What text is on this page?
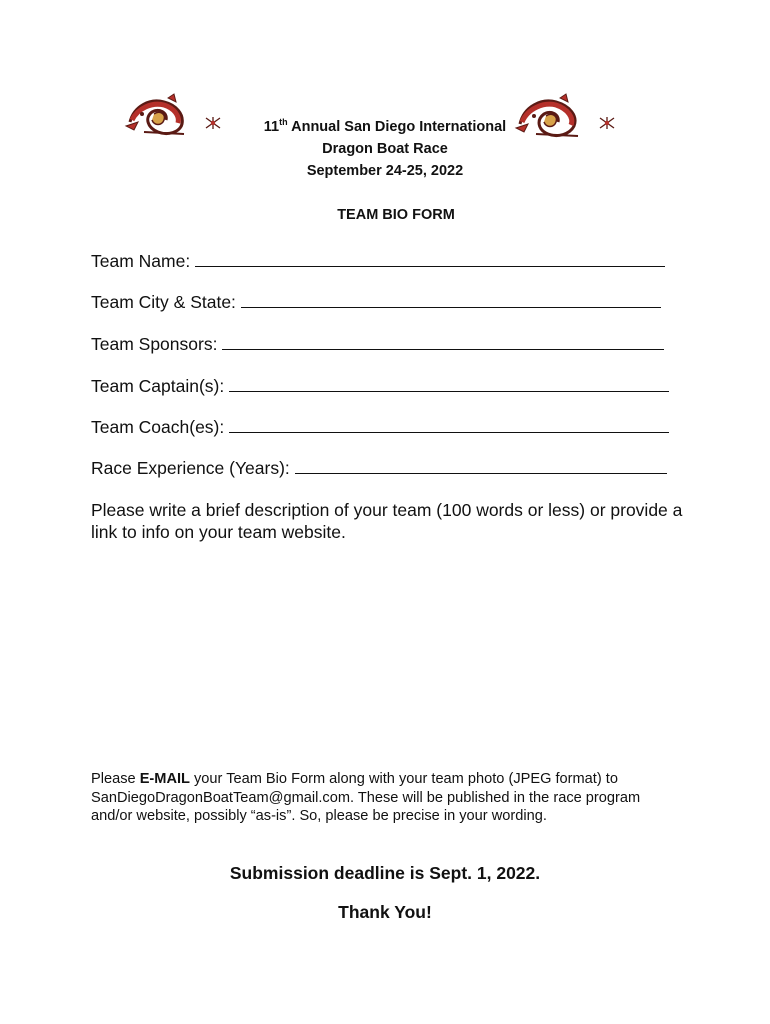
11th Annual San Diego International
Dragon Boat Race
September 24-25, 2022
TEAM BIO FORM
Team Name:
Team City & State:
Team Sponsors:
Team Captain(s):
Team Coach(es):
Race Experience (Years):
Please write a brief description of your team (100 words or less) or provide a link to info on your team website.
Please E-MAIL your Team Bio Form along with your team photo (JPEG format) to SanDiegoDragonBoatTeam@gmail.com. These will be published in the race program and/or website, possibly “as-is”. So, please be precise in your wording.
Submission deadline is Sept. 1, 2022.
Thank You!
